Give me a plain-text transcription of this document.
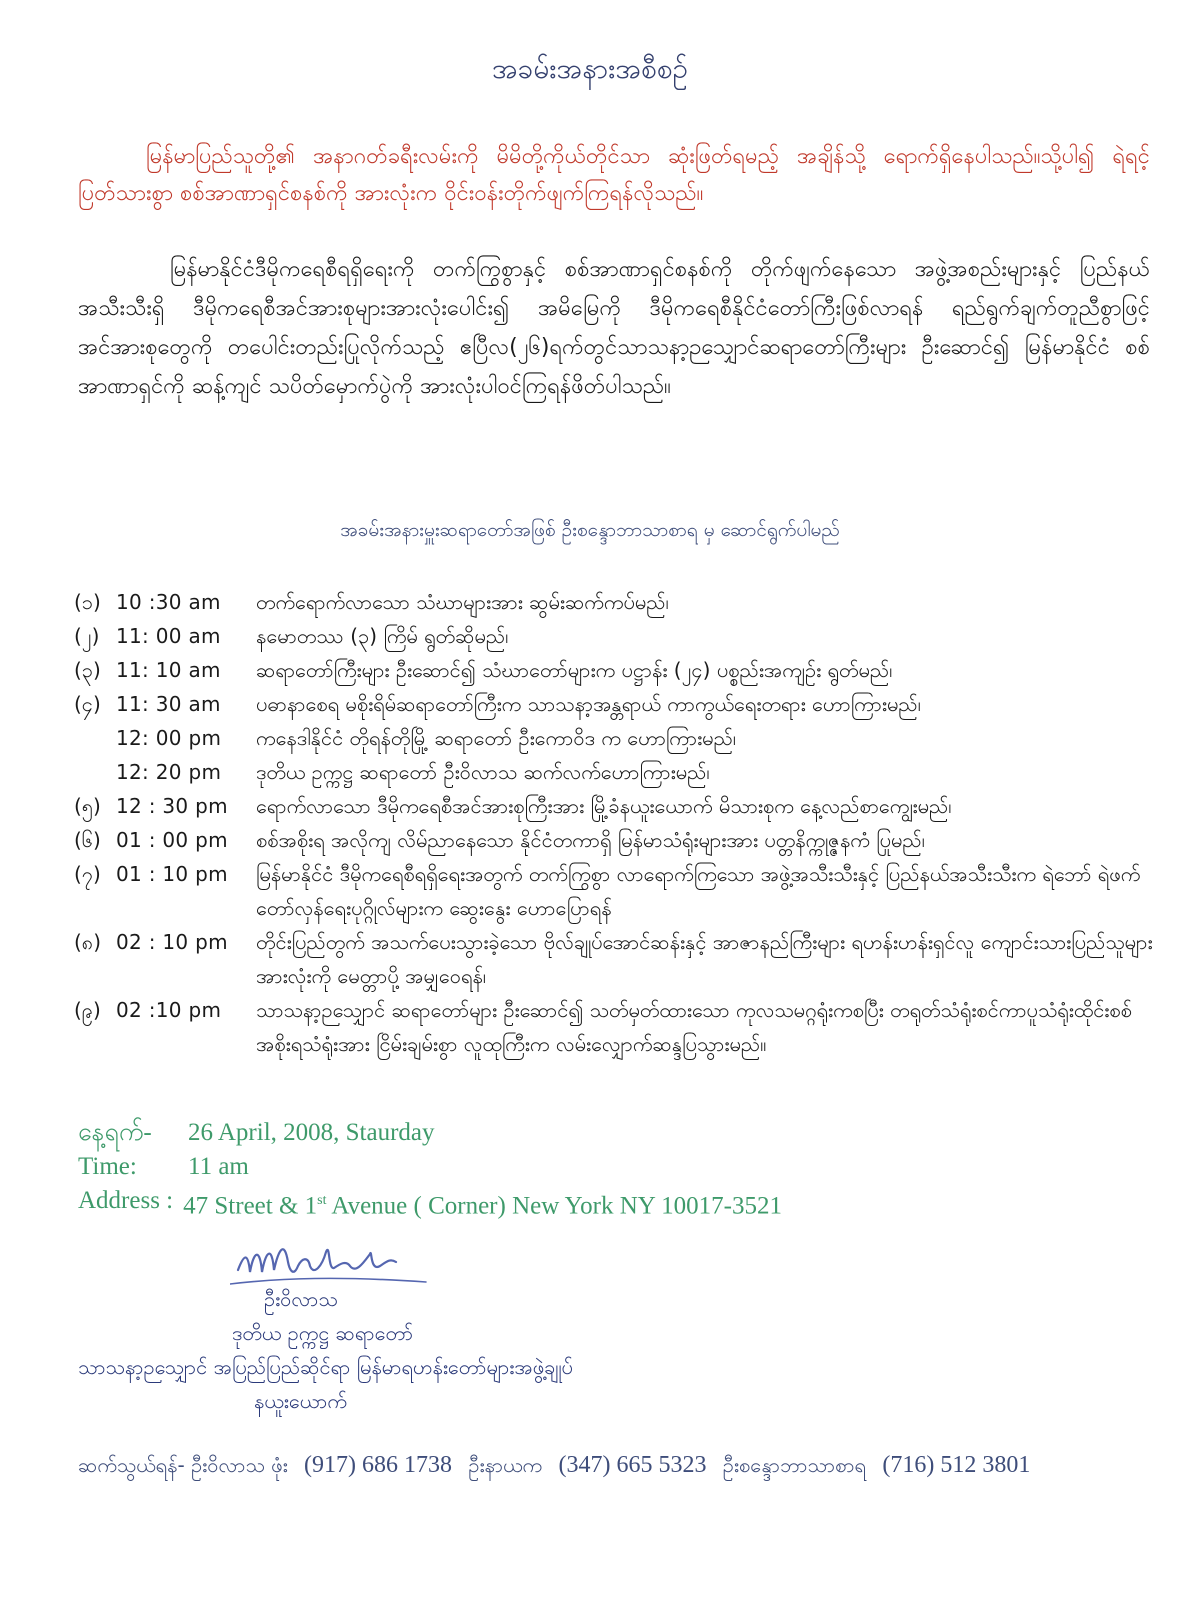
အခမ်းအနားအစီစဉ်
မြန်မာပြည်သူတို့၏ အနာဂတ်ခရီးလမ်းကို မိမိတို့ကိုယ်တိုင်သာ ဆုံးဖြတ်ရမည့် အချိန်သို့ ရောက်ရှိနေပါသည်။သို့ပါ၍ ရဲရင့်ပြတ်သားစွာ စစ်အာဏာရှင်စနစ်ကို အားလုံးက ဝိုင်းဝန်းတိုက်ဖျက်ကြရန်လိုသည်။
မြန်မာနိုင်ငံဒီမိုကရေစီရရှိရေးကို တက်ကြွစွာနှင့် စစ်အာဏာရှင်စနစ်ကို တိုက်ဖျက်နေသော အဖွဲ့အစည်းများနှင့် ပြည်နယ်အသီးသီးရှိ ဒီမိုကရေစီအင်အားစုများအားလုံးပေါင်း၍ အမိမြေကို ဒီမိုကရေစီနိုင်ငံတော်ကြီးဖြစ်လာရန် ရည်ရွက်ချက်တူညီစွာဖြင့် အင်အားစုတွေကို တပေါင်းတည်းပြုလိုက်သည့် ဧပြီလ(၂၆)ရက်တွင်သာသနာ့ဉသျှောင်ဆရာတော်ကြီးများ ဦးဆောင်၍ မြန်မာနိုင်ငံ စစ်အာဏာရှင်ကို ဆန့်ကျင် သပိတ်မှောက်ပွဲကို အားလုံးပါဝင်ကြရန်ဖိတ်ပါသည်။
အခမ်းအနားမှူးဆရာတော်အဖြစ် ဦးစန္ဒောဘာသာစာရ မှ ဆောင်ရွက်ပါမည်
(၁) 10 :30 am	တက်ရောက်လာသော သံဃာများအား ဆွမ်းဆက်ကပ်မည်၊
(၂) 11: 00 am	နမောတဿ (၃) ကြိမ် ရွတ်ဆိုမည်၊
(၃) 11: 10 am	ဆရာတော်ကြီးများ ဦးဆောင်၍ သံဃာတော်များက ပဋ္ဌာန်း (၂၄) ပစ္စည်းအကျဉ်း ရွတ်မည်၊
(၄) 11: 30 am	ပဓာနာစေရ မစိုးရိမ်ဆရာတော်ကြီးက သာသနာ့အန္တရာယ် ကာကွယ်ရေးတရား ဟောကြားမည်၊
12: 00 pm	ကနေဒါနိုင်ငံ တိုရန်တိုမြို့ ဆရာတော် ဦးကောဝိဒ က ဟောကြားမည်၊
12: 20 pm	ဒုတိယ ဥက္ကဋ္ဌ ဆရာတော် ဦးဝိလာသ ဆက်လက်ဟောကြားမည်၊
(၅) 12 : 30 pm	ရောက်လာသော ဒီမိုကရေစီအင်အားစုကြီးအား မြို့ခံနယူးယောက် မိသားစုက နေ့လည်စာကျွေးမည်၊
(၆) 01 : 00 pm	စစ်အစိုးရ အလိုကျ လိမ်ညာနေသော နိုင်ငံတကာရှိ မြန်မာသံရုံးများအား ပတ္တနိက္ကုဇ္ဇနကံ ပြုမည်၊
(၇) 01 : 10 pm	မြန်မာနိုင်ငံ ဒီမိုကရေစီရရှိရေးအတွက် တက်ကြွစွာ လာရောက်ကြသော အဖွဲ့အသီးသီးနှင့် ပြည်နယ်အသီးသီးက ရဲဘော် ရဲဖက် တော်လှန်ရေးပုဂ္ဂိုလ်များက ဆွေးနွေး ဟောပြောရန်
(၈) 02 : 10 pm	တိုင်းပြည်တွက် အသက်ပေးသွားခဲ့သော ဗိုလ်ချုပ်အောင်ဆန်းနှင့် အာဇာနည်ကြီးများ ရဟန်းဟန်းရှင်လူ ကျောင်းသားပြည်သူများအားလုံးကို မေတ္တာပို့ အမျှဝေရန်၊
(၉) 02 :10 pm	သာသနာ့ဉသျှောင် ဆရာတော်များ ဦးဆောင်၍ သတ်မှတ်ထားသော ကုလသမဂ္ဂရုံးကစပြီး တရုတ်သံရုံးစင်ကာပူသံရုံးထိုင်းစစ်အစိုးရသံရုံးအား ငြိမ်းချမ်းစွာ လူထုကြီးက လမ်းလျှောက်ဆန္ဒပြသွားမည်။
နေ့ရက်-	26 April, 2008, Stаurday
Time:	11 am
Address : 47 Street & 1st Avenue ( Corner) New York NY 10017-3521
ဦးဝိလာသ
ဒုတိယ ဥက္ကဋ္ဌ ဆရာတော်
သာသနာ့ဉသျှောင် အပြည်ပြည်ဆိုင်ရာ မြန်မာရဟန်းတော်များအဖွဲ့ချုပ်
နယူးယောက်
ဆက်သွယ်ရန်- ဦးဝိလာသ ဖုံး (917) 686 1738 ဦးနာယက (347) 665 5323 ဦးစန္ဒောဘာသာစာရ (716) 512 3801
